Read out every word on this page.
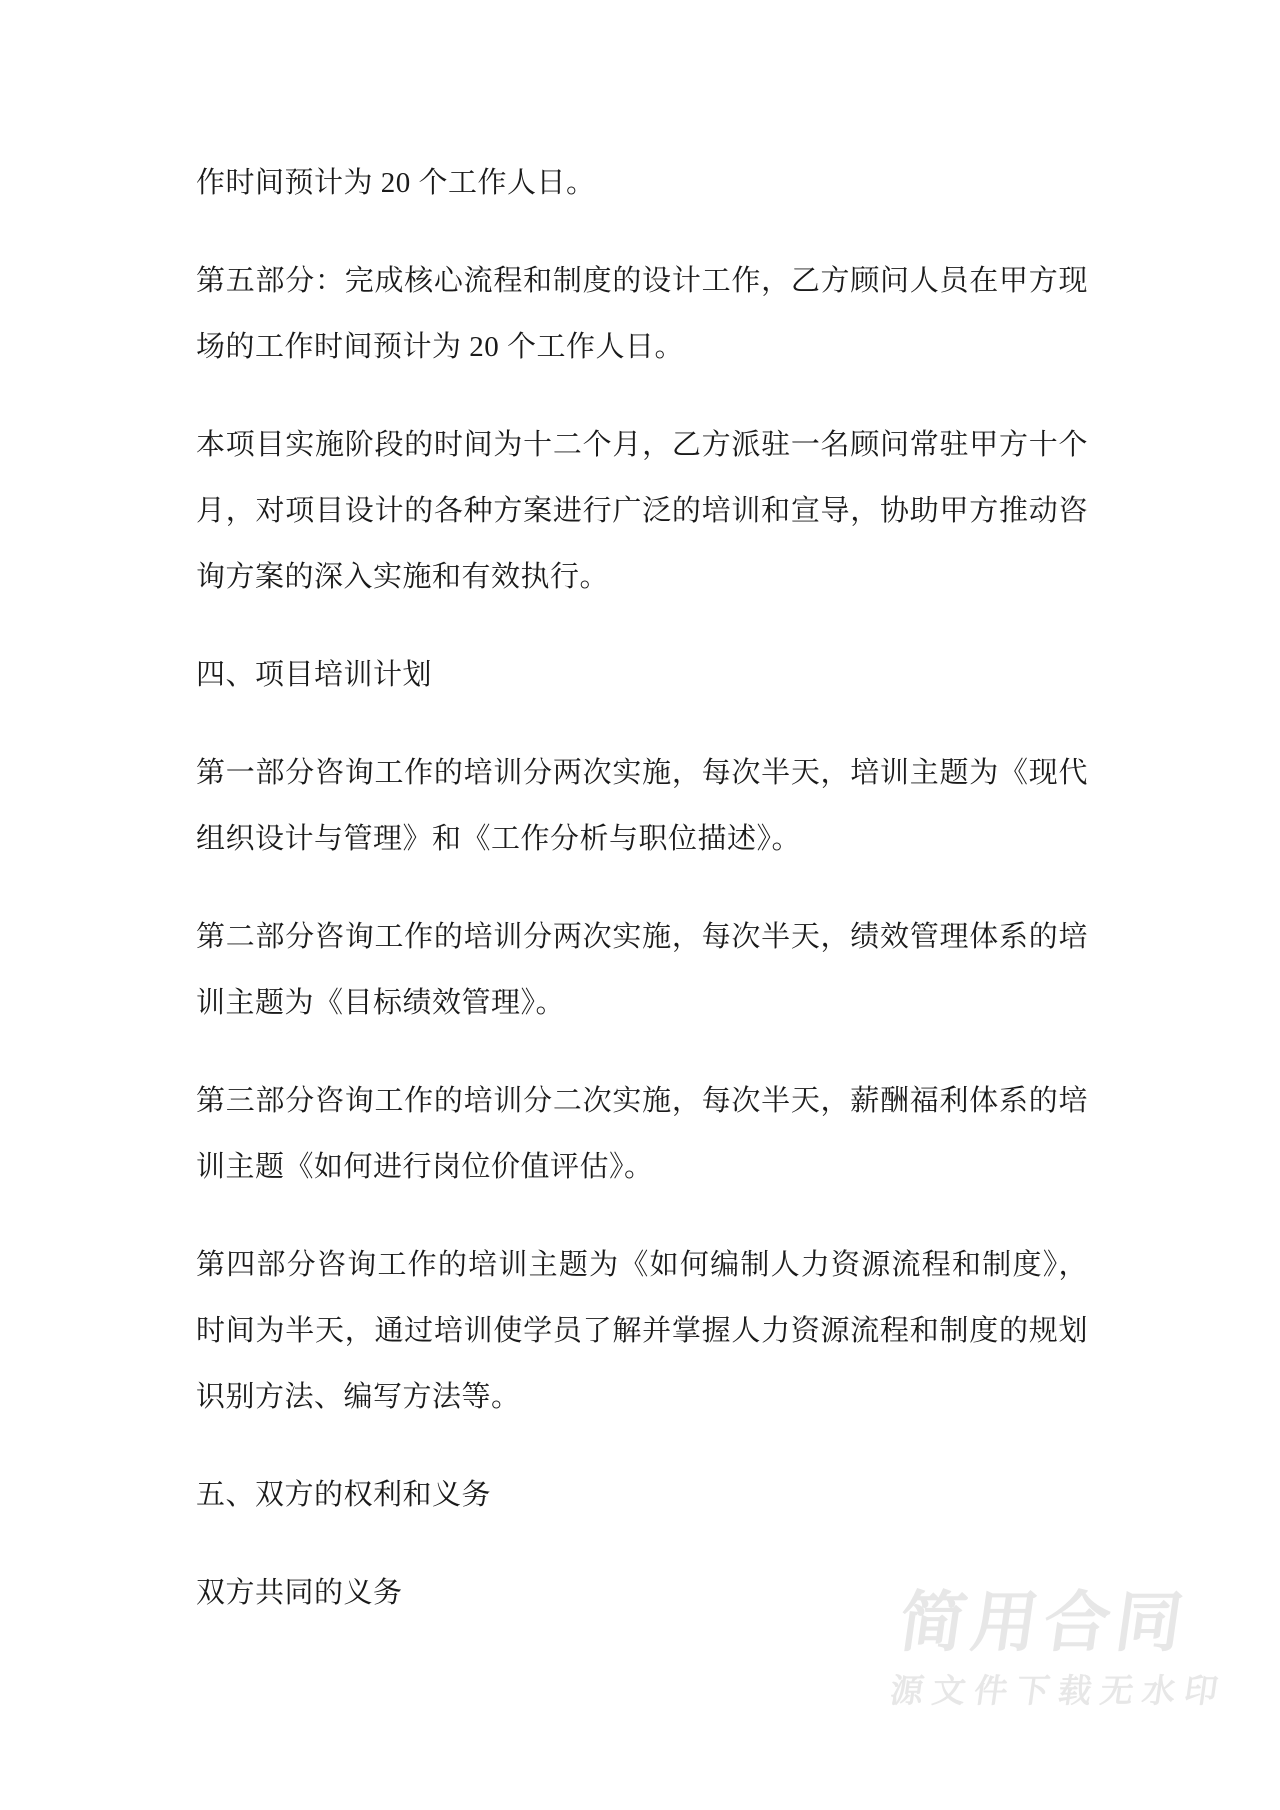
作时间预计为 20 个工作人日。
第五部分：完成核心流程和制度的设计工作，乙方顾问人员在甲方现
场的工作时间预计为 20 个工作人日。
本项目实施阶段的时间为十二个月，乙方派驻一名顾问常驻甲方十个
月，对项目设计的各种方案进行广泛的培训和宣导，协助甲方推动咨
询方案的深入实施和有效执行。
四、项目培训计划
第一部分咨询工作的培训分两次实施，每次半天，培训主题为《现代
组织设计与管理》和《工作分析与职位描述》。
第二部分咨询工作的培训分两次实施，每次半天，绩效管理体系的培
训主题为《目标绩效管理》。
第三部分咨询工作的培训分二次实施，每次半天，薪酬福利体系的培
训主题《如何进行岗位价值评估》。
第四部分咨询工作的培训主题为《如何编制人力资源流程和制度》，
时间为半天，通过培训使学员了解并掌握人力资源流程和制度的规划
识别方法、编写方法等。
五、双方的权利和义务
双方共同的义务	简用合同
源文件下载无水印
